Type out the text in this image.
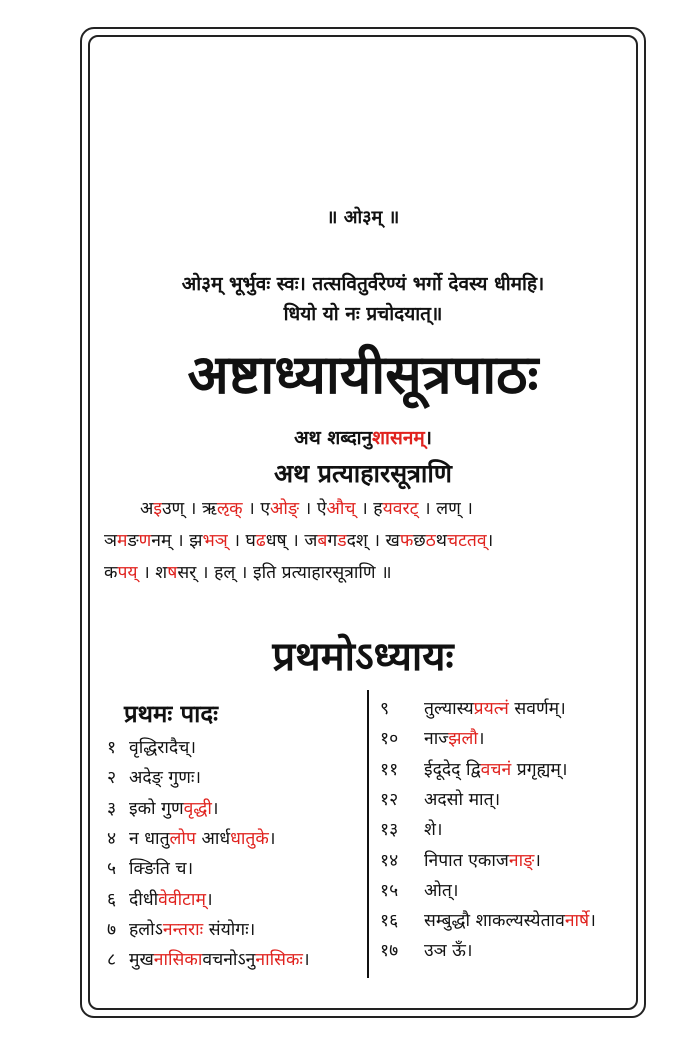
॥ ओ३म् ॥
ओ३म् भूर्भुवः स्वः। तत्सवितुर्वरेण्यं भर्गो देवस्य धीमहि।
धियो यो नः प्रचोदयात्॥
अष्टाध्यायीसूत्रपाठः
अथ शब्दानुशासनम्।
अथ प्रत्याहारसूत्राणि
अइउण् । ऋऌक् । एओङ् । ऐऔच् । हयवरट् । लण् ।
ञमङणनम् । झभञ् । घढधष् । जबगडदश् । खफछठथचटतव्।
कपय् । शषसर् । हल् । इति प्रत्याहारसूत्राणि ॥
प्रथमोऽध्यायः
प्रथमः पादः
१ वृद्धिरादैच्।
२ अदेङ् गुणः।
३ इको गुणवृद्धी।
४ न धातुलोप आर्धधातुके।
५ क्ङिति च।
६ दीधीवेवीटाम्।
७ हलोऽनन्तराः संयोगः।
८ मुखनासिकावचनोऽनुनासिकः।
९ तुल्यास्यप्रयत्नं सवर्णम्।
१० नाज्झलौ।
११ ईदूदेद् द्विवचनं प्रगृह्यम्।
१२ अदसो मात्।
१३ शे।
१४ निपात एकाजनाङ्।
१५ ओत्।
१६ सम्बुद्धौ शाकल्यस्येतावनार्षे।
१७ उञ ऊँ।
